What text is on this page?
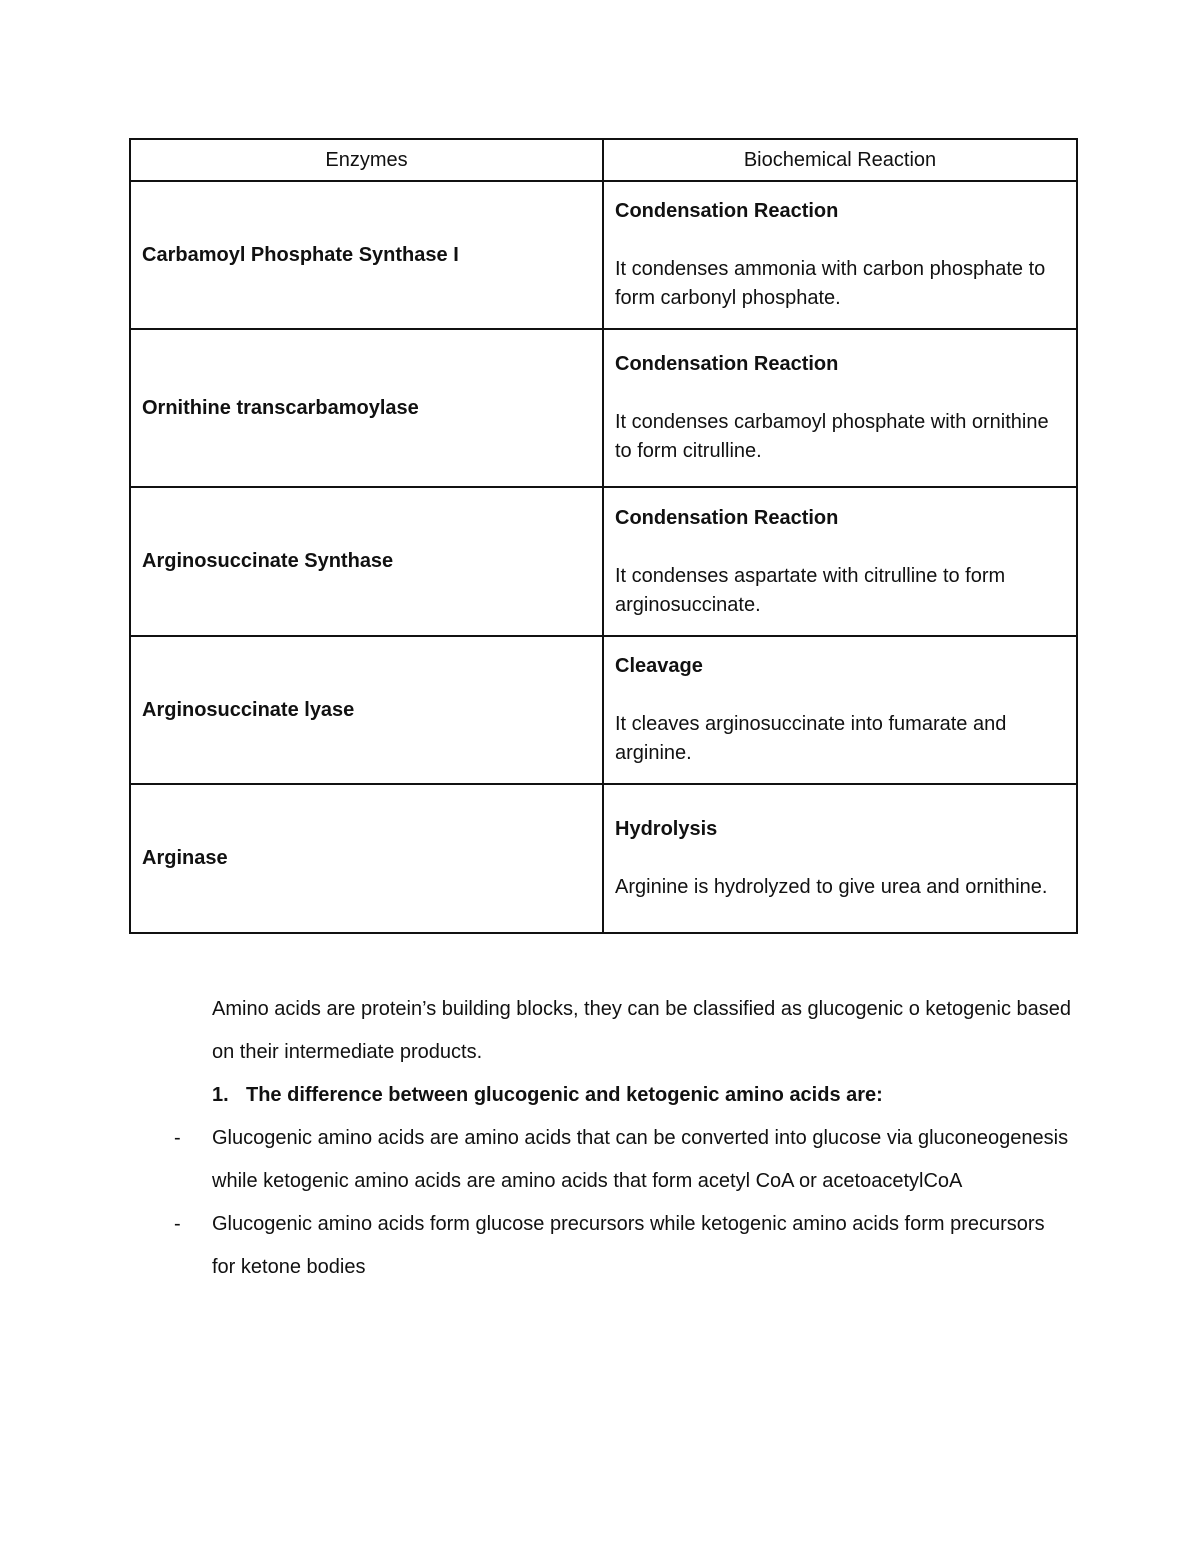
Enzymes	Biochemical Reaction
Carbamoyl Phosphate Synthase I	Condensation Reaction
It condenses ammonia with carbon phosphate to form carbonyl phosphate.

Ornithine transcarbamoylase	Condensation Reaction
It condenses carbamoyl phosphate with ornithine to form citrulline.

Arginosuccinate Synthase	Condensation Reaction
It condenses aspartate with citrulline to form arginosuccinate.

Arginosuccinate lyase	Cleavage
It cleaves arginosuccinate into fumarate and arginine.

Arginase	Hydrolysis
Arginine is hydrolyzed to give urea and ornithine.

Amino acids are protein’s building blocks, they can be classified as glucogenic o ketogenic based on their intermediate products.

1. The difference between glucogenic and ketogenic amino acids are:

- Glucogenic amino acids are amino acids that can be converted into glucose via gluconeogenesis while ketogenic amino acids are amino acids that form acetyl CoA or acetoacetylCoA

- Glucogenic amino acids form glucose precursors while ketogenic amino acids form precursors for ketone bodies
